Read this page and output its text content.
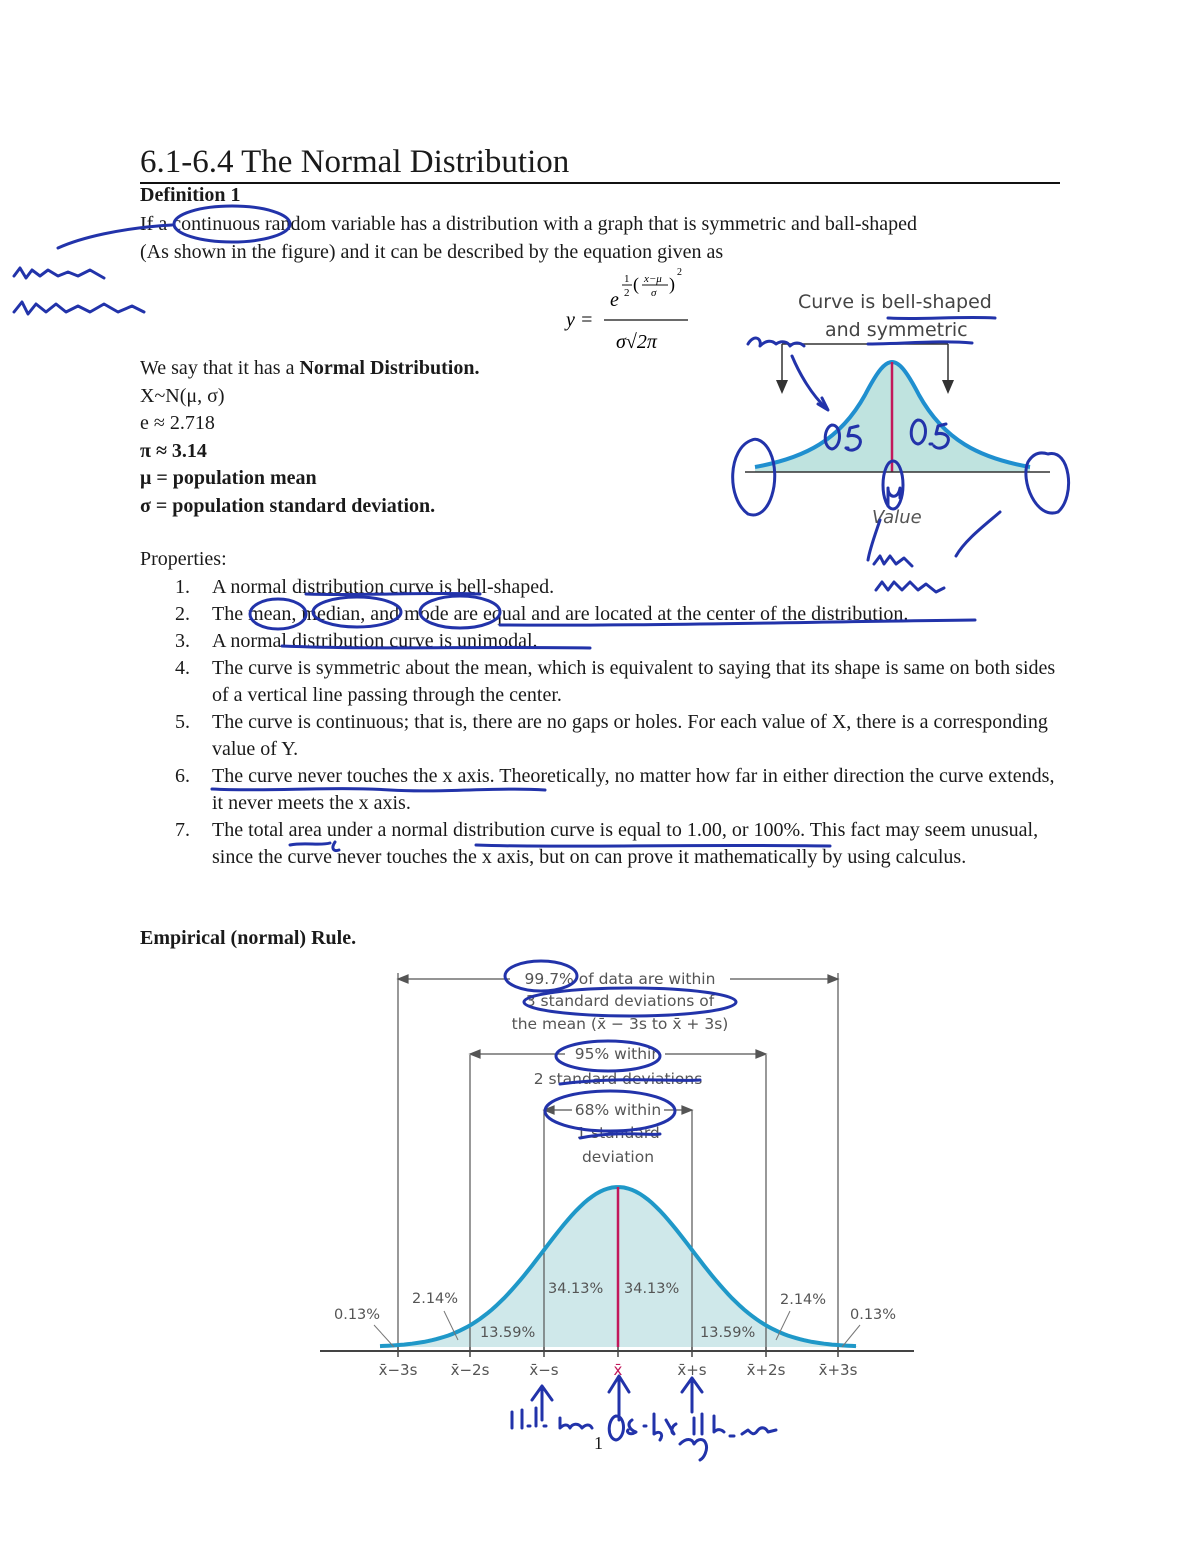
6.1-6.4 The Normal Distribution
Definition 1
If a continuous random variable has a distribution with a graph that is symmetric and ball-shaped
(As shown in the figure) and it can be described by the equation given as
y =
e
1
2 ( x−μ
σ )
2
σ√2π
We say that it has a Normal Distribution.
X~N(μ, σ)
e ≈ 2.718
π ≈ 3.14
μ = population mean
σ = population standard deviation.
Curve is bell-shaped
and symmetric
Value
Properties:
1. A normal distribution curve is bell-shaped.
2. The mean, median, and mode are equal and are located at the center of the distribution.
3. A normal distribution curve is unimodal.
4. The curve is symmetric about the mean, which is equivalent to saying that its shape is same on both sides of a vertical line passing through the center.
5. The curve is continuous; that is, there are no gaps or holes. For each value of X, there is a corresponding value of Y.
6. The curve never touches the x axis. Theoretically, no matter how far in either direction the curve extends, it never meets the x axis.
7. The total area under a normal distribution curve is equal to 1.00, or 100%. This fact may seem unusual, since the curve never touches the x axis, but on can prove it mathematically by using calculus.
Empirical (normal) Rule.
99.7% of data are within
3 standard deviations of
the mean (x̄ − 3s to x̄ + 3s)
95% within
2 standard deviations
68% within
1 standard
deviation
34.13% 34.13%
13.59%	13.59%
2.14%	2.14%
0.13%	0.13%
x̄−3s x̄−2s	x̄−s	x̄	x̄+s	x̄+2s x̄+3s
1
